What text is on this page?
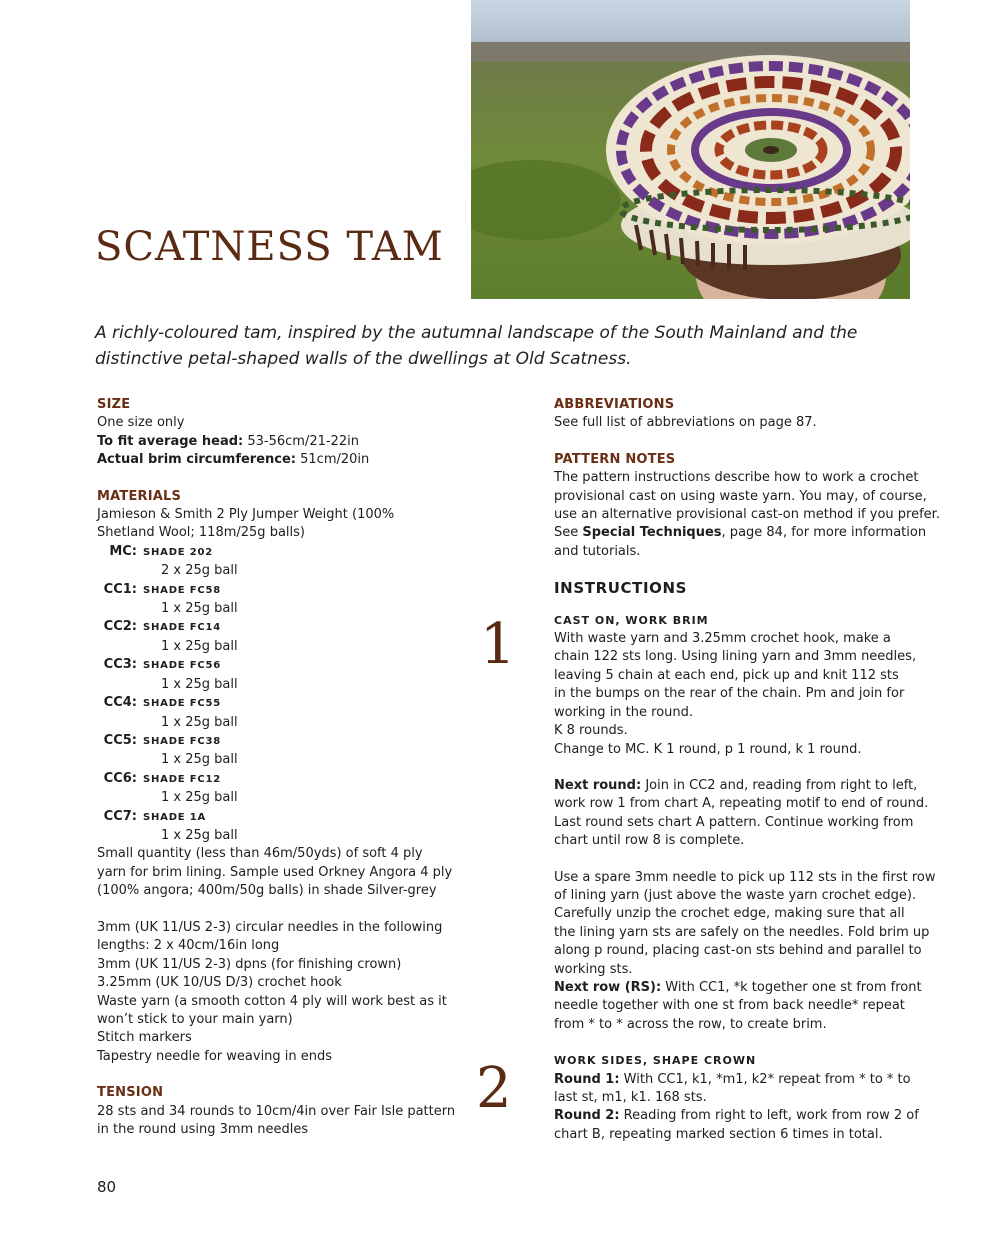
SCATNESS TAM

A richly-coloured tam, inspired by the autumnal landscape of the South Mainland and the distinctive petal-shaped walls of the dwellings at Old Scatness.

SIZE
One size only
To fit average head: 53-56cm/21-22in
Actual brim circumference: 51cm/20in
MATERIALS
Jamieson & Smith 2 Ply Jumper Weight (100%
Shetland Wool; 118m/25g balls)
MC: SHADE 202
2 x 25g ball
CC1: SHADE FC58
1 x 25g ball
CC2: SHADE FC14
1 x 25g ball
CC3: SHADE FC56
1 x 25g ball
CC4: SHADE FC55
1 x 25g ball
CC5: SHADE FC38
1 x 25g ball
CC6: SHADE FC12
1 x 25g ball
CC7: SHADE 1A
1 x 25g ball
Small quantity (less than 46m/50yds) of soft 4 ply
yarn for brim lining. Sample used Orkney Angora 4 ply
(100% angora; 400m/50g balls) in shade Silver-grey
3mm (UK 11/US 2-3) circular needles in the following
lengths: 2 x 40cm/16in long
3mm (UK 11/US 2-3) dpns (for finishing crown)
3.25mm (UK 10/US D/3) crochet hook
Waste yarn (a smooth cotton 4 ply will work best as it
won’t stick to your main yarn)
Stitch markers
Tapestry needle for weaving in ends
TENSION
28 sts and 34 rounds to 10cm/4in over Fair Isle pattern
in the round using 3mm needles
ABBREVIATIONS
See full list of abbreviations on page 87.
PATTERN NOTES
The pattern instructions describe how to work a crochet
provisional cast on using waste yarn. You may, of course,
use an alternative provisional cast-on method if you prefer.
See Special Techniques, page 84, for more information
and tutorials.
INSTRUCTIONS
CAST ON, WORK BRIM
With waste yarn and 3.25mm crochet hook, make a
chain 122 sts long. Using lining yarn and 3mm needles,
leaving 5 chain at each end, pick up and knit 112 sts
in the bumps on the rear of the chain. Pm and join for
working in the round.
K 8 rounds.
Change to MC. K 1 round, p 1 round, k 1 round.
Next round: Join in CC2 and, reading from right to left,
work row 1 from chart A, repeating motif to end of round.
Last round sets chart A pattern. Continue working from
chart until row 8 is complete.
Use a spare 3mm needle to pick up 112 sts in the first row
of lining yarn (just above the waste yarn crochet edge).
Carefully unzip the crochet edge, making sure that all
the lining yarn sts are safely on the needles. Fold brim up
along p round, placing cast-on sts behind and parallel to
working sts.
Next row (RS): With CC1, *k together one st from front
needle together with one st from back needle* repeat
from * to * across the row, to create brim.
WORK SIDES, SHAPE CROWN
Round 1: With CC1, k1, *m1, k2* repeat from * to * to
last st, m1, k1. 168 sts.
Round 2: Reading from right to left, work from row 2 of
chart B, repeating marked section 6 times in total.
1
2
80
